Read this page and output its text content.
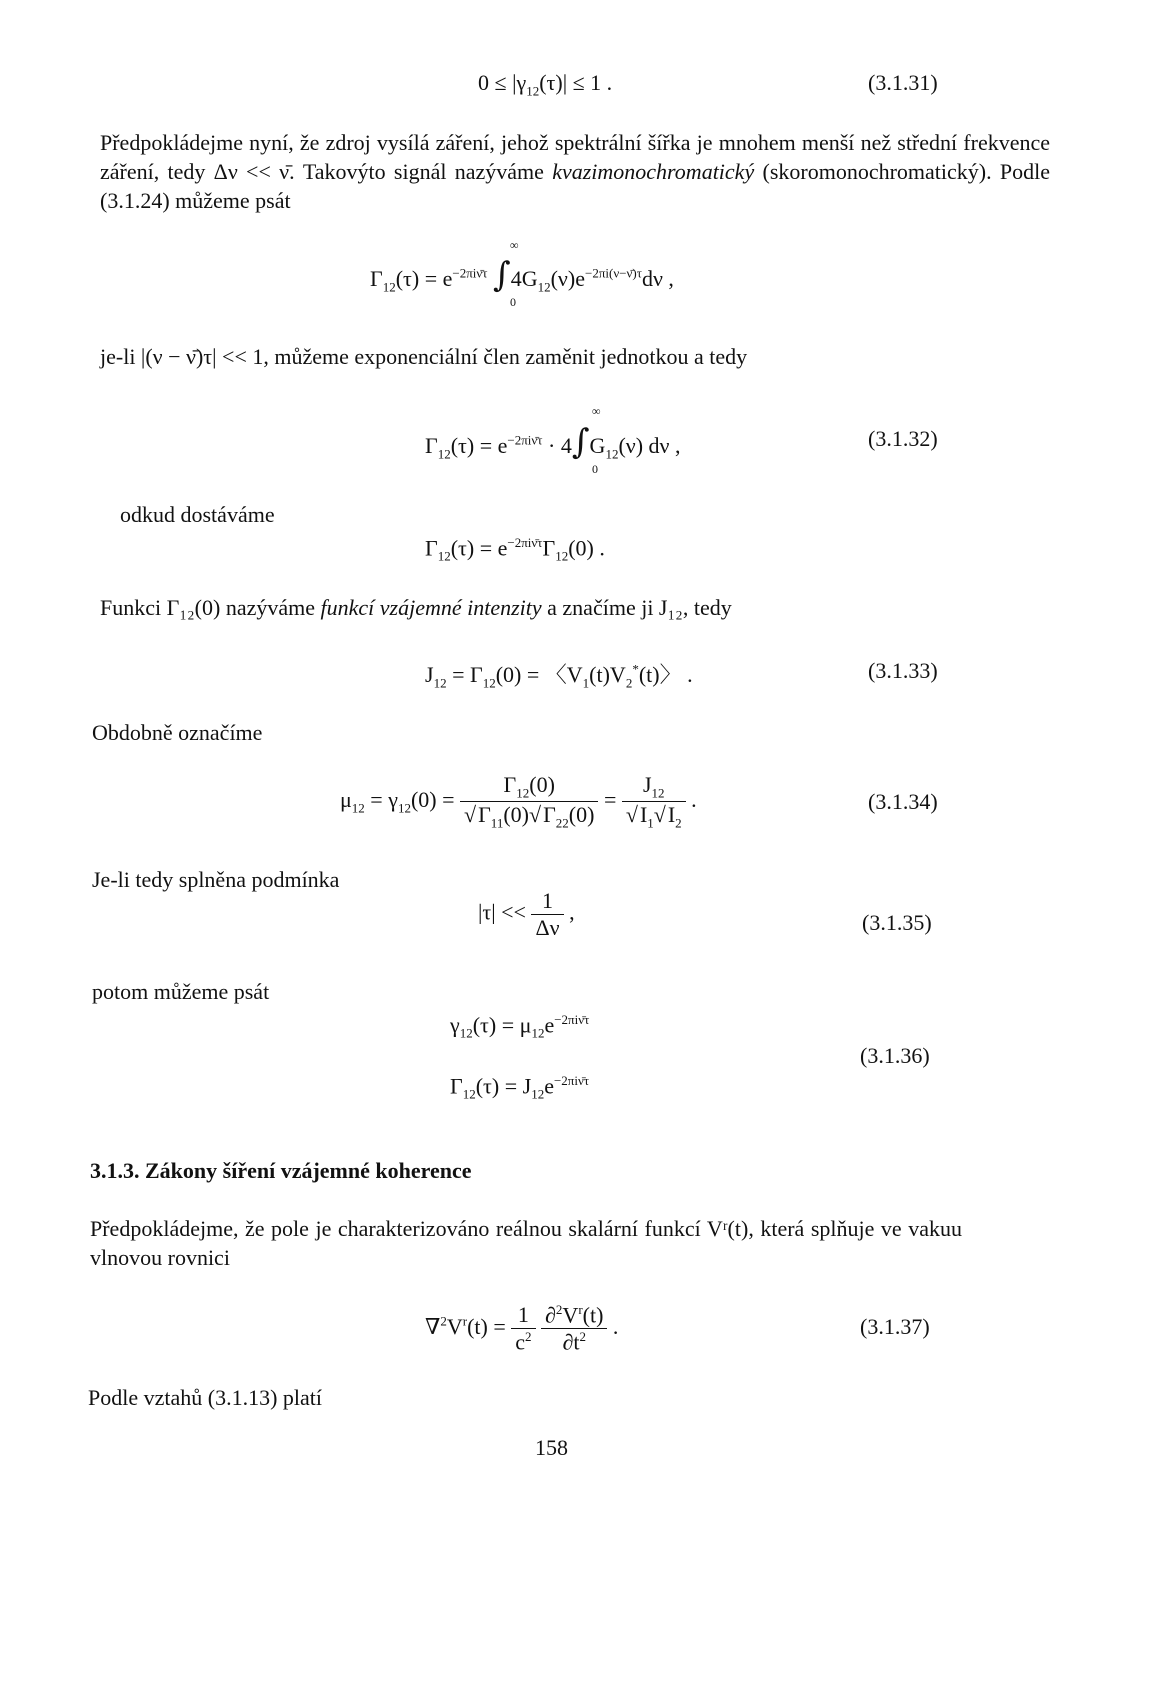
$0 \le |\gamma_{12}(\tau)| \le 1$ .	(3.1.31)
Předpokládejme nyní, že zdroj vysílá záření, jehož spektrální šířka je mnohem menší než střední frekvence záření, tedy Δν << ν̄. Takovýto signál nazýváme kvazimonochromatický (skoromonochromatický). Podle (3.1.24) můžeme psát
$\Gamma_{12}(\tau) = e^{-2\pi i\nū\tau}$ $\int 4G_{12}(\nu)e^{-2\pi i(\nu-\nū)\tau}d\nu$ ,
∞
0
je-li |(ν − ν̄)τ| << 1, můžeme exponenciální člen zaměnit jednotkou a tedy
$\Gamma_{12}(\tau) = e^{-2\pi i\nū\tau} \cdot 4\int G_{12}(\nu)$ dν ,
∞
0
(3.1.32)
odkud dostáváme
$\Gamma_{12}(\tau) = e^{-2\pi i\nū\tau}\Gamma_{12}(0)$ .
Funkci Γ₁₂(0) nazýváme funkcí vzájemné intenzity a značíme ji J₁₂, tedy
$J_{12} = \Gamma_{12}(0)$ = 〈$V_1(t)V_2^*(t)$〉 .	(3.1.33)
Obdobně označíme
$\mu_{12} = \gamma_{12}(0) = \frac{\Gamma_{12}(0)}{√\Gamma_{11}(0)√\Gamma_{22}(0)} = \frac{J_{12}}{√I_1√I_2}$ .	(3.1.34)
Je-li tedy splněna podmínka
$|\tau| << \frac{1}{\Delta\nu}$ ,	(3.1.35)
potom můžeme psát
$\gamma_{12}(\tau) = \mu_{12}e^{-2\pi i\nū\tau}$
$\Gamma_{12}(\tau) = J_{12}e^{-2\pi i\nū\tau}$
(3.1.36)
3.1.3. Zákony šíření vzájemné koherence
Předpokládejme, že pole je charakterizováno reálnou skalární funkcí Vʳ(t), která splňuje ve vakuu vlnovou rovnici
$\nabla^2V^r(t) = \frac{1}{c^2}$
$\frac{\partial^2V^r(t)}{\partial t^2}$ .	(3.1.37)
Podle vztahů (3.1.13) platí
158
